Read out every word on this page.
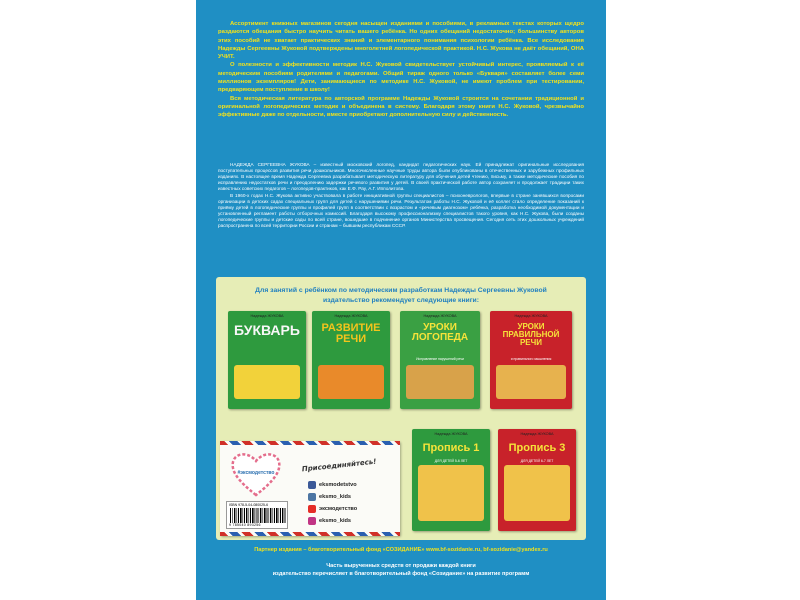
Ассортимент книжных магазинов сегодня насыщен изданиями и пособиями, в рекламных текстах которых щедро раздаются обещания быстро научить читать вашего ребёнка. Но одних обещаний недостаточно; большинству авторов этих пособий не хватает практических знаний и элементарного понимания психологии ребёнка. Все исследования Надежды Сергеевны Жуковой подтверждены многолетней логопедической практикой. Н.С. Жукова не даёт обещаний, ОНА УЧИТ.

О полезности и эффективности методик Н.С. Жуковой свидетельствует устойчивый интерес, проявляемый к её методическим пособиям родителями и педагогами. Общий тираж одного только «Букваря» составляет более семи миллионов экземпляров! Дети, занимающиеся по методике Н.С. Жуковой, не имеют проблем при тестировании, предваряющем поступление в школу!

Вся методическая литература по авторской программе Надежды Жуковой строится на сочетании традиционной и оригинальной логопедических методик и объединена в систему. Благодаря этому книги Н.С. Жуковой, чрезвычайно эффективные даже по отдельности, вместе приобретают дополнительную силу и действенность.

НАДЕЖДА СЕРГЕЕВНА ЖУКОВА – известный московский логопед, кандидат педагогических наук. Ей принадлежат оригинальные исследования поступательных процессов развития речи дошкольников. Многочисленные научные труды автора были опубликованы в отечественных и зарубежных профильных изданиях. В настоящее время Надежда Сергеевна разрабатывает методическую литературу для обучения детей чтению, письму, а также методические пособия по исправлению недостатков речи и преодолению задержки речевого развития у детей. В своей практической работе автор сохраняет и продолжает традиции таких известных советских педагогов – логопедов-практиков, как Е.Ф. Рау, А.Г. Ипполитова.

В 1960-х годах Н.С. Жукова активно участвовала в работе инициативной группы специалистов – психоневрологов, впервые в стране занявшихся вопросами организации в детских садах специальных групп для детей с нарушениями речи. Результатом работы Н.С. Жуковой и её коллег стало определение показаний к приёму детей в логопедические группы и профилей групп в соответствии с возрастом и «речевым диагнозом» ребёнка, разработка необходимой документации и установленный регламент работы отборочных комиссий. Благодаря высокому профессионализму специалистов такого уровня, как Н.С. Жукова, были созданы логопедические группы и детские сады по всей стране, вошедшие в подчинение органов Министерства просвещения. Сегодня сеть этих дошкольных учреждений распространена по всей территории России и странам – бывшим республикам СССР.

Для занятий с ребёнком по методическим разработкам Надежды Сергеевны Жуковой
издательство рекомендует следующие книги:
Надежда ЖУКОВА
БУКВАРЬ
Надежда ЖУКОВА
РАЗВИТИЕ РЕЧИ
Надежда ЖУКОВА
УРОКИ ЛОГОПЕДА
Исправление нарушений речи
Надежда ЖУКОВА
УРОКИ ПРАВИЛЬНОЙ РЕЧИ
и правильного мышления
Надежда ЖУКОВА
Пропись 1
ДЛЯ ДЕТЕЙ 5-6 ЛЕТ
Надежда ЖУКОВА
Пропись 3
ДЛЯ ДЕТЕЙ 6-7 ЛЕТ
#эксмодетство
ISBN 978-5-04-080025-6
9 785040 893256
Присоединяйтесь!
eksmodetstvo
eksmo_kids
эксмодетство
eksmo_kids
Партнер издания – благотворительный фонд «СОЗИДАНИЕ» www.bf-sozidanie.ru, bf-sozidanie@yandex.ru
Часть вырученных средств от продажи каждой книги
издательство перечисляет в благотворительный фонд «Созидание» на развитие программ
